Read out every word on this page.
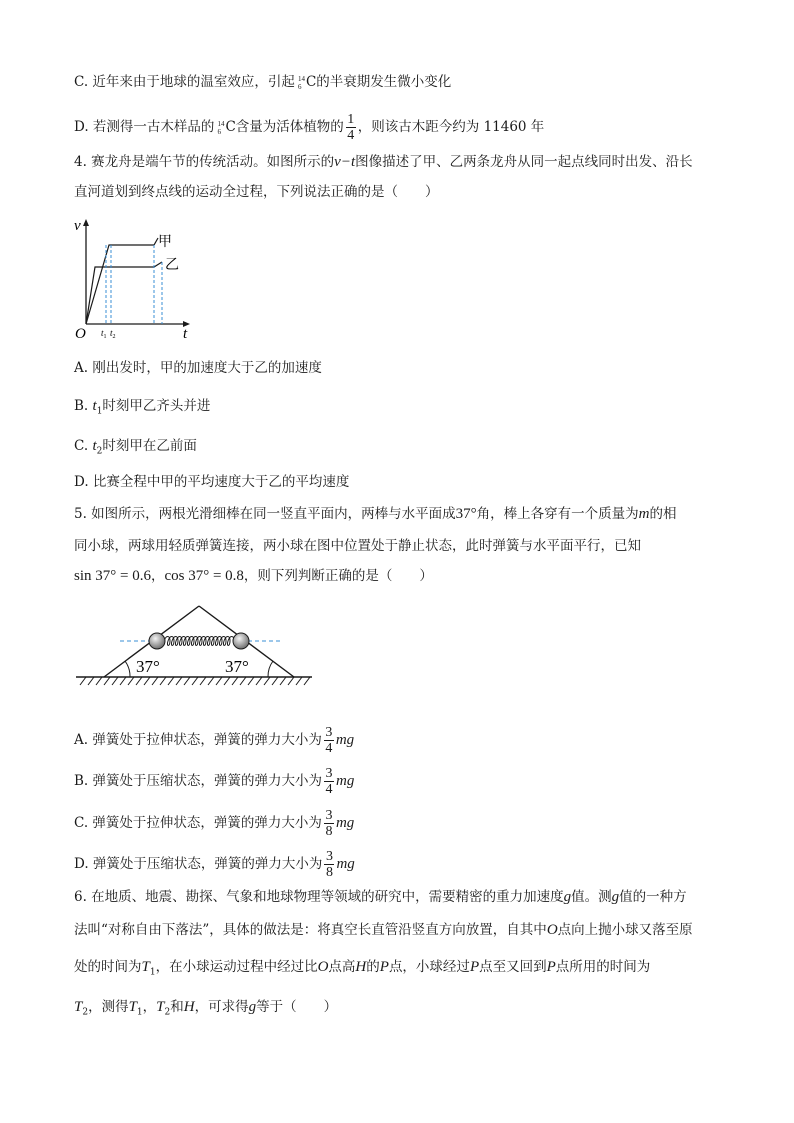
C. 近年来由于地球的温室效应，引起 14
6 C的半衰期发生微小变化
D. 若测得一古木样品的 14
6 C含量为活体植物的 $\frac{1}{4}$ ，则该古木距今约为 11460 年
4. 赛龙舟是端午节的传统活动。如图所示的v−t图像描述了甲、乙两条龙舟从同一起点线同时出发、沿长
直河道划到终点线的运动全过程，下列说法正确的是（　　）
v
t
O
甲
乙
$t_1$ $t_2$
A. 刚出发时，甲的加速度大于乙的加速度
B. $t_1$时刻甲乙齐头并进
C. $t_2$时刻甲在乙前面
D. 比赛全程中甲的平均速度大于乙的平均速度
5. 如图所示，两根光滑细棒在同一竖直平面内，两棒与水平面成37°角，棒上各穿有一个质量为m的相
同小球，两球用轻质弹簧连接，两小球在图中位置处于静止状态，此时弹簧与水平面平行，已知
sin 37° = 0.6，cos 37° = 0.8，则下列判断正确的是（　　）
37°	37°
A. 弹簧处于拉伸状态，弹簧的弹力大小为 $\frac{3}{4}$ mg
B. 弹簧处于压缩状态，弹簧的弹力大小为 $\frac{3}{4}$ mg
C. 弹簧处于拉伸状态，弹簧的弹力大小为 $\frac{3}{8}$ mg
D. 弹簧处于压缩状态，弹簧的弹力大小为 $\frac{3}{8}$ mg
6. 在地质、地震、勘探、气象和地球物理等领域的研究中，需要精密的重力加速度g值。测g值的一种方
法叫“对称自由下落法”，具体的做法是：将真空长直管沿竖直方向放置，自其中O点向上抛小球又落至原
处的时间为$T_1$，在小球运动过程中经过比O点高H的P点，小球经过P点至又回到P点所用的时间为
$T_2$，测得$T_1$，$T_2$和H，可求得g等于（　　）
